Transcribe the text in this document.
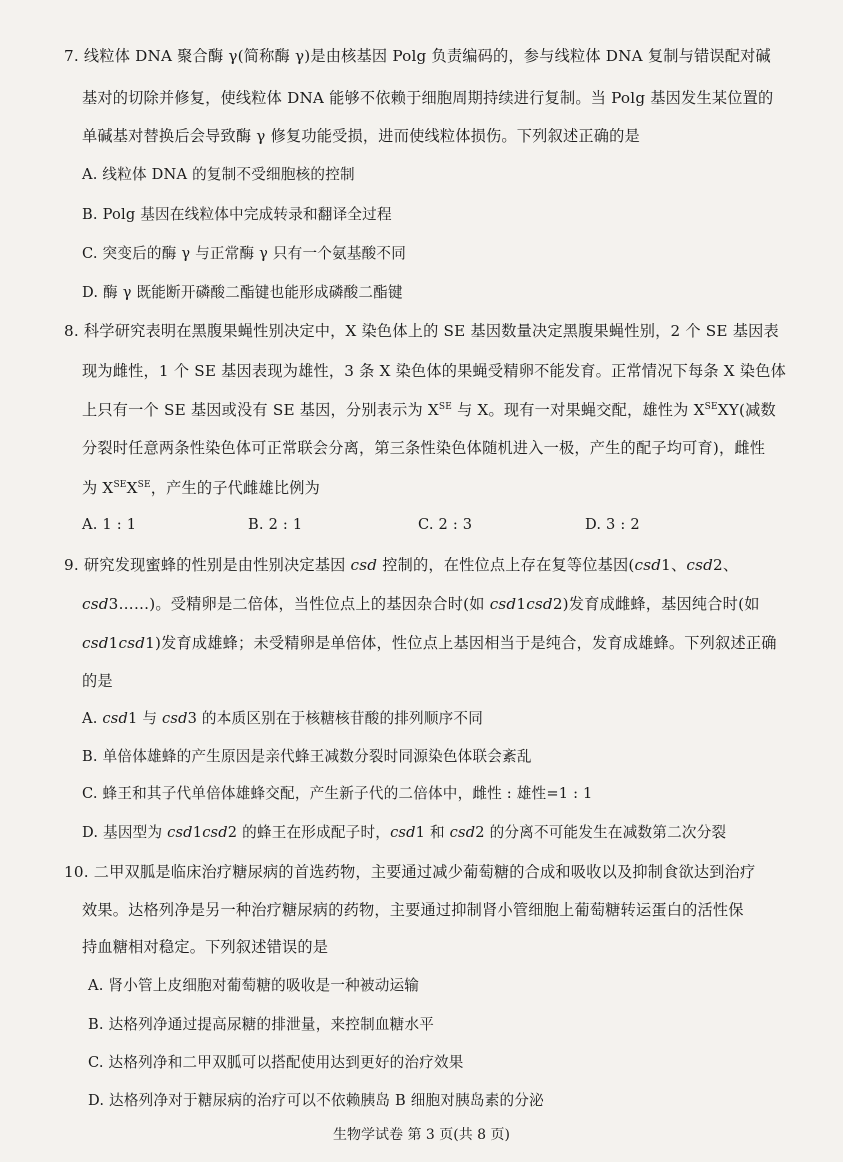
7. 线粒体 DNA 聚合酶 γ(简称酶 γ)是由核基因 Polg 负责编码的，参与线粒体 DNA 复制与错误配对碱
基对的切除并修复，使线粒体 DNA 能够不依赖于细胞周期持续进行复制。当 Polg 基因发生某位置的
单碱基对替换后会导致酶 γ 修复功能受损，进而使线粒体损伤。下列叙述正确的是
A. 线粒体 DNA 的复制不受细胞核的控制
B. Polg 基因在线粒体中完成转录和翻译全过程
C. 突变后的酶 γ 与正常酶 γ 只有一个氨基酸不同
D. 酶 γ 既能断开磷酸二酯键也能形成磷酸二酯键
8. 科学研究表明在黑腹果蝇性别决定中，X 染色体上的 SE 基因数量决定黑腹果蝇性别，2 个 SE 基因表
现为雌性，1 个 SE 基因表现为雄性，3 条 X 染色体的果蝇受精卵不能发育。正常情况下每条 X 染色体
上只有一个 SE 基因或没有 SE 基因，分别表示为 $X^{SE}$ 与 X。现有一对果蝇交配，雄性为 $X^{SE}XY$(减数
分裂时任意两条性染色体可正常联会分离，第三条性染色体随机进入一极，产生的配子均可育)，雌性
为 $X^{SE}X^{SE}$，产生的子代雌雄比例为
A. 1 : 1	B. 2 : 1	C. 2 : 3	D. 3 : 2
9. 研究发现蜜蜂的性别是由性别决定基因 csd 控制的，在性位点上存在复等位基因(csd1、csd2、
csd3……)。受精卵是二倍体，当性位点上的基因杂合时(如 csd1csd2)发育成雌蜂，基因纯合时(如
csd1csd1)发育成雄蜂；未受精卵是单倍体，性位点上基因相当于是纯合，发育成雄蜂。下列叙述正确
的是
A. csd1 与 csd3 的本质区别在于核糖核苷酸的排列顺序不同
B. 单倍体雄蜂的产生原因是亲代蜂王减数分裂时同源染色体联会紊乱
C. 蜂王和其子代单倍体雄蜂交配，产生新子代的二倍体中，雌性 : 雄性=1 : 1
D. 基因型为 csd1csd2 的蜂王在形成配子时，csd1 和 csd2 的分离不可能发生在减数第二次分裂
10. 二甲双胍是临床治疗糖尿病的首选药物，主要通过减少葡萄糖的合成和吸收以及抑制食欲达到治疗
效果。达格列净是另一种治疗糖尿病的药物，主要通过抑制肾小管细胞上葡萄糖转运蛋白的活性保
持血糖相对稳定。下列叙述错误的是
A. 肾小管上皮细胞对葡萄糖的吸收是一种被动运输
B. 达格列净通过提高尿糖的排泄量，来控制血糖水平
C. 达格列净和二甲双胍可以搭配使用达到更好的治疗效果
D. 达格列净对于糖尿病的治疗可以不依赖胰岛 B 细胞对胰岛素的分泌
生物学试卷 第 3 页(共 8 页)
